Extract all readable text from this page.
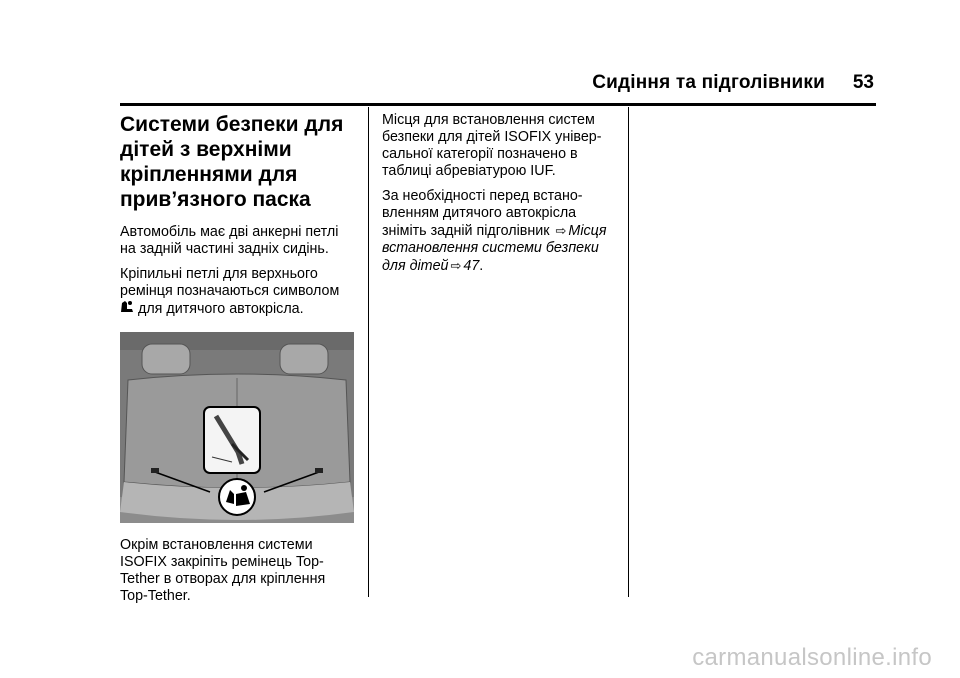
Сидіння та підголівники 53
Системи безпеки для дітей з верхніми кріпленнями для прив’язного паска

Автомобіль має дві анкерні петлі на задній частині задніх сидінь.

Кріпильні петлі для верхнього ремінця позначаються символом  для дитячого автокрісла.

Окрім встановлення системи ISOFIX закріпіть ремінець Top-Tether в отворах для кріплення Top-Tether.

Місця для встановлення систем безпеки для дітей ISOFIX універ-сальної категорії позначено в таблиці абревіатурою IUF.

За необхідності перед встано-вленням дитячого автокрісла зніміть задній підголівник ⇨ Місця встановлення системи безпеки для дітей ⇨ 47.

carmanualsonline.info
